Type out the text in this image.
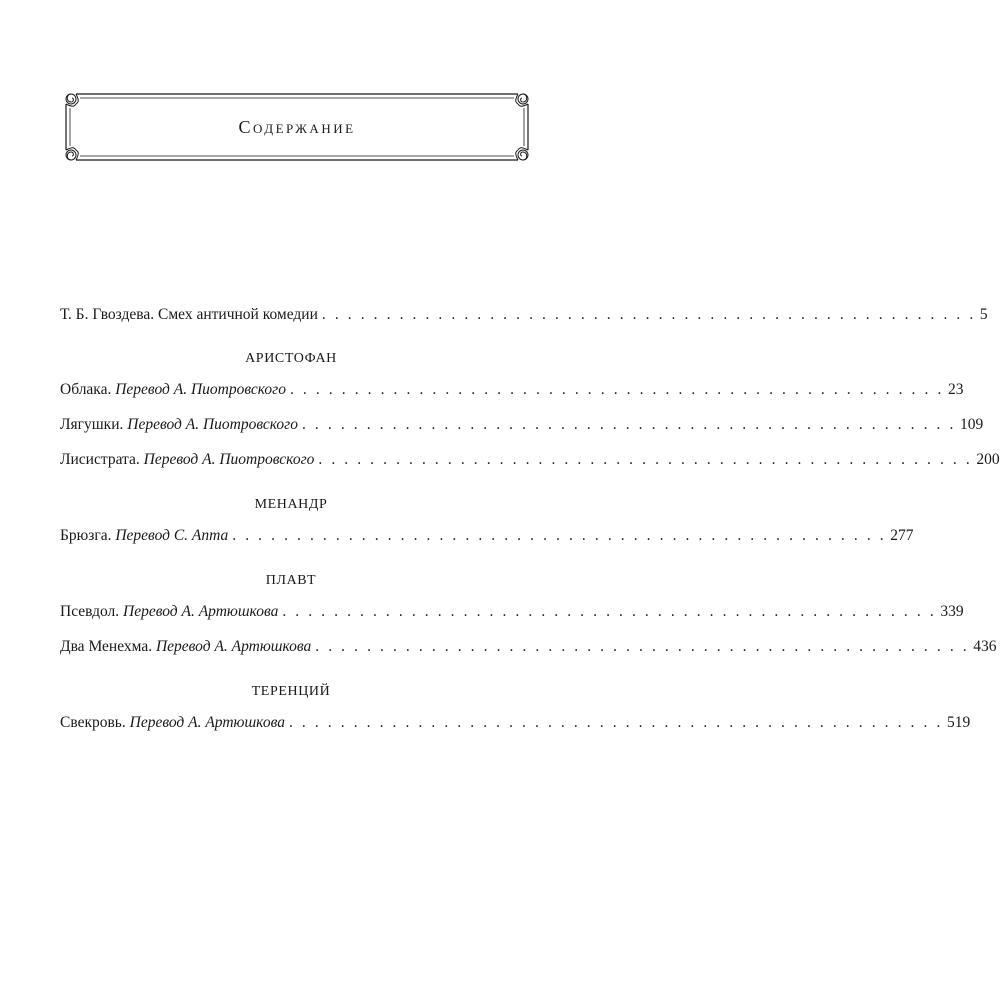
Содержание
Т. Б. Гвоздева. Смех античной комедии . . . . . . . . . . . . . . . . . . . . . . . . . . . . . . . . . . . . . . . . . . . . . . . . . . . 5
АРИСТОФАН
Облака. Перевод А. Пиотровского . . . . . . . . . . . . . . . . . . . . . . . . . . . . . . . . . . . . . . . . . . . . . . . . . . . 23
Лягушки. Перевод А. Пиотровского . . . . . . . . . . . . . . . . . . . . . . . . . . . . . . . . . . . . . . . . . . . . . . . . . . . 109
Лисистрата. Перевод А. Пиотровского . . . . . . . . . . . . . . . . . . . . . . . . . . . . . . . . . . . . . . . . . . . . . . . . . . . 200
МЕНАНДР
Брюзга. Перевод С. Апта . . . . . . . . . . . . . . . . . . . . . . . . . . . . . . . . . . . . . . . . . . . . . . . . . . . 277
ПЛАВТ
Псевдол. Перевод А. Артюшкова . . . . . . . . . . . . . . . . . . . . . . . . . . . . . . . . . . . . . . . . . . . . . . . . . . . 339
Два Менехма. Перевод А. Артюшкова . . . . . . . . . . . . . . . . . . . . . . . . . . . . . . . . . . . . . . . . . . . . . . . . . . . 436
ТЕРЕНЦИЙ
Свекровь. Перевод А. Артюшкова . . . . . . . . . . . . . . . . . . . . . . . . . . . . . . . . . . . . . . . . . . . . . . . . . . . 519
